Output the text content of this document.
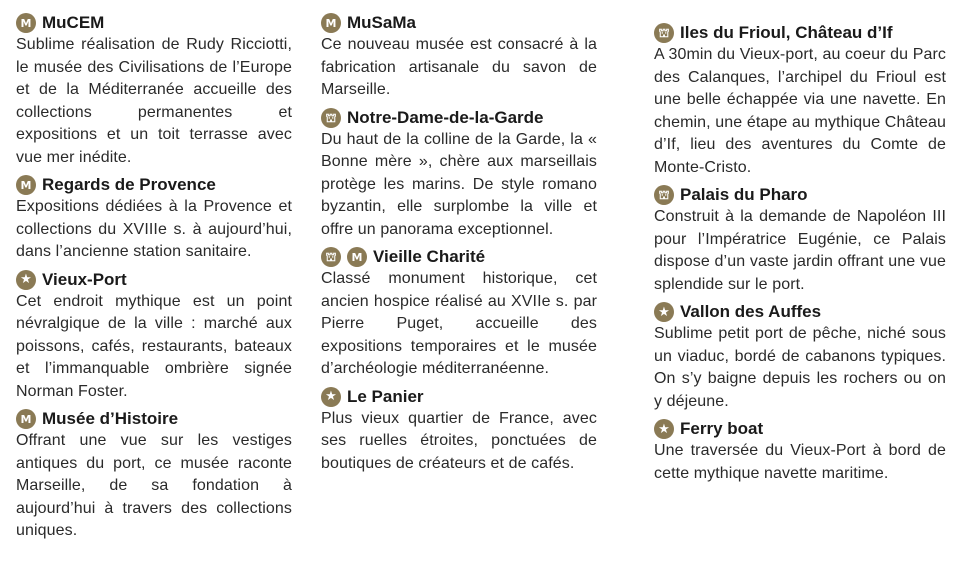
M MuCEM
Sublime réalisation de Rudy Ricciotti, le musée des Civilisations de l’Europe et de la Méditerranée accueille des collections permanentes et expositions et un toit terrasse avec vue mer inédite.
M Regards de Provence
Expositions dédiées à la Provence et collections du XVIIIe s. à aujourd’hui, dans l’ancienne station sanitaire.
★ Vieux-Port
Cet endroit mythique est un point névralgique de la ville : marché aux poissons, cafés, restaurants, bateaux et l’immanquable ombrière signée Norman Foster.
M Musée d’Histoire
Offrant une vue sur les vestiges antiques du port, ce musée raconte Marseille, de sa fondation à aujourd’hui à travers des collections uniques.
M MuSaMa
Ce nouveau musée est consacré à la fabrication artisanale du savon de Marseille.
⛫ Notre-Dame-de-la-Garde
Du haut de la colline de la Garde, la « Bonne mère », chère aux marseillais protège les marins. De style romano byzantin, elle surplombe la ville et offre un panorama exceptionnel.
⛫	M Vieille Charité
Classé monument historique, cet ancien hospice réalisé au XVIIe s. par Pierre Puget, accueille des expositions temporaires et le musée d’archéologie méditerranéenne.
★ Le Panier
Plus vieux quartier de France, avec ses ruelles étroites, ponctuées de boutiques de créateurs et de cafés.
⛫ Iles du Frioul, Château d’If
A 30min du Vieux-port, au coeur du Parc des Calanques, l’archipel du Frioul est une belle échappée via une navette. En chemin, une étape au mythique Château d’If, lieu des aventures du Comte de Monte-Cristo.
⛫ Palais du Pharo
Construit à la demande de Napoléon III pour l’Impératrice Eugénie, ce Palais dispose d’un vaste jardin offrant une vue splendide sur le port.
★ Vallon des Auffes
Sublime petit port de pêche, niché sous un viaduc, bordé de cabanons typiques. On s’y baigne depuis les rochers ou on y déjeune.
★ Ferry boat
Une traversée du Vieux-Port à bord de cette mythique navette maritime.
